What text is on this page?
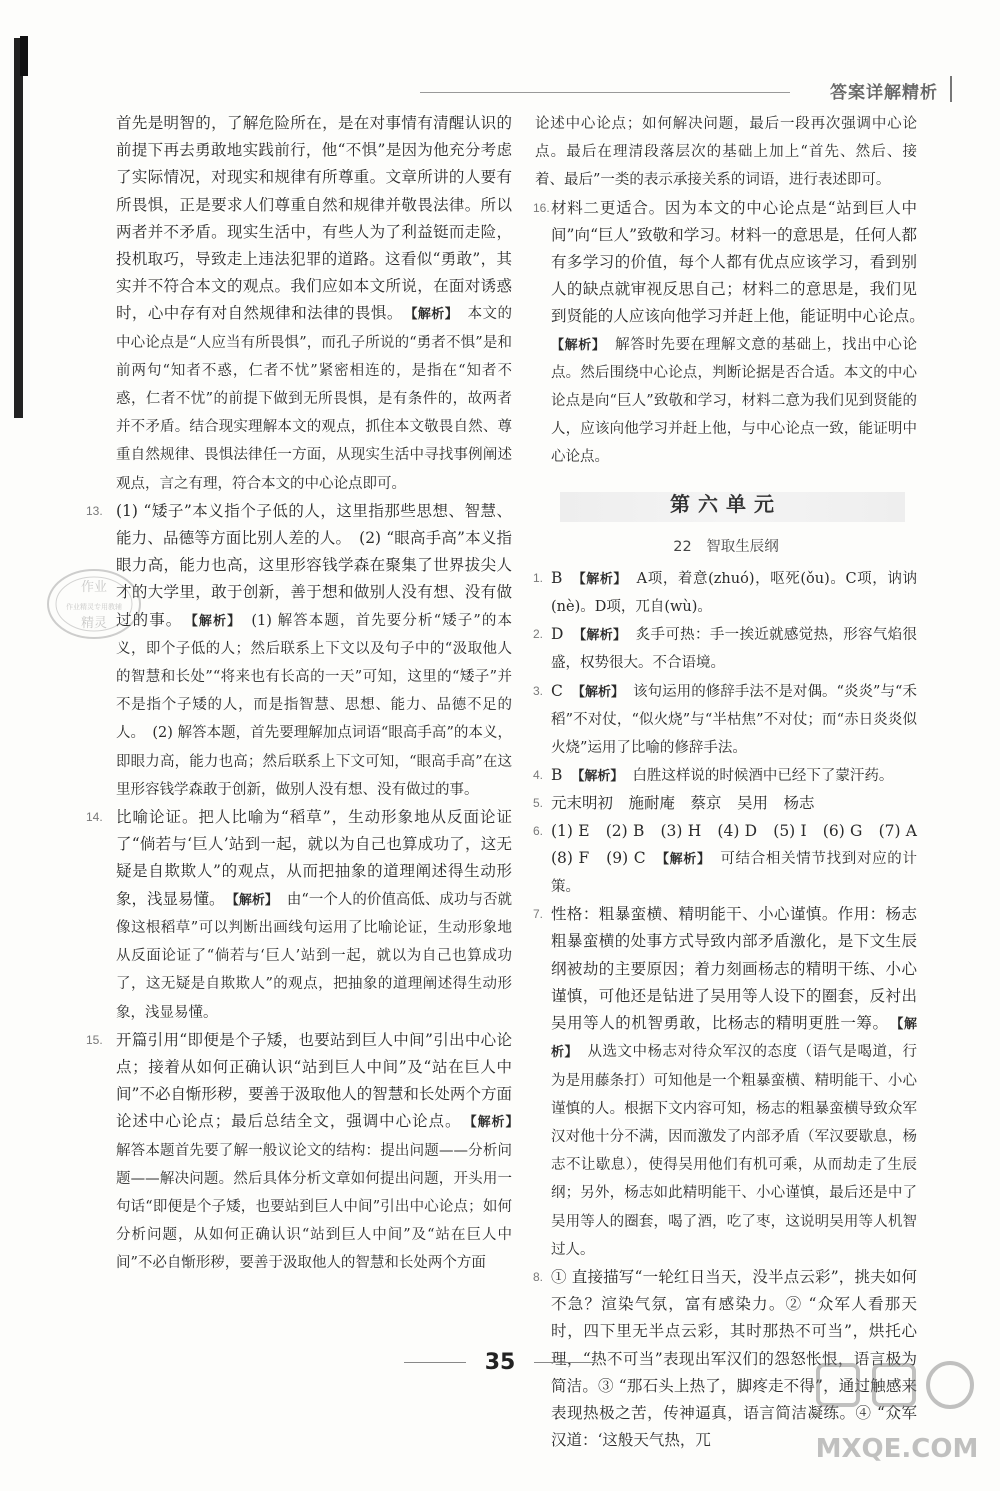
答案详解精析

首先是明智的，了解危险所在，是在对事情有清醒认识的前提下再去勇敢地实践前行，他“不惧”是因为他充分考虑了实际情况，对现实和规律有所尊重。文章所讲的人要有所畏惧，正是要求人们尊重自然和规律并敬畏法律。所以两者并不矛盾。现实生活中，有些人为了利益铤而走险，投机取巧，导致走上违法犯罪的道路。这看似“勇敢”，其实并不符合本文的观点。我们应如本文所说，在面对诱惑时，心中存有对自然规律和法律的畏惧。　 【解析】　 本文的中心论点是“人应当有所畏惧”，而孔子所说的“勇者不惧”是和前两句“知者不惑，仁者不忧”紧密相连的，是指在“知者不惑，仁者不忧”的前提下做到无所畏惧，是有条件的，故两者并不矛盾。结合现实理解本文的观点，抓住本文敬畏自然、尊重自然规律、畏惧法律任一方面，从现实生活中寻找事例阐述观点，言之有理，符合本文的中心论点即可。

13. (1) “矮子”本义指个子低的人，这里指那些思想、智慧、能力、品德等方面比别人差的人。　(2) “眼高手高”本义指眼力高，能力也高，这里形容钱学森在聚集了世界拔尖人才的大学里，敢于创新，善于想和做别人没有想、没有做过的事。　 【解析】　 (1) 解答本题，首先要分析“矮子”的本义，即个子低的人；然后联系上下文以及句子中的“汲取他人的智慧和长处”“将来也有长高的一天”可知，这里的“矮子”并不是指个子矮的人，而是指智慧、思想、能力、品德不足的人。　(2) 解答本题，首先要理解加点词语“眼高手高”的本义，即眼力高，能力也高；然后联系上下文可知，“眼高手高”在这里形容钱学森敢于创新，做别人没有想、没有做过的事。

14. 比喻论证。把人比喻为“稻草”，生动形象地从反面论证了“倘若与‘巨人’站到一起，就以为自己也算成功了，这无疑是自欺欺人”的观点，从而把抽象的道理阐述得生动形象，浅显易懂。　 【解析】　 由“一个人的价值高低、成功与否就像这根稻草”可以判断出画线句运用了比喻论证，生动形象地从反面论证了“倘若与‘巨人’站到一起，就以为自己也算成功了，这无疑是自欺欺人”的观点，把抽象的道理阐述得生动形象，浅显易懂。

15. 开篇引用“即便是个子矮，也要站到巨人中间”引出中心论点；接着从如何正确认识“站到巨人中间”及“站在巨人中间”不必自惭形秽，要善于汲取他人的智慧和长处两个方面论述中心论点；最后总结全文，强调中心论点。　 【解析】　解答本题首先要了解一般议论文的结构：提出问题——分析问题——解决问题。然后具体分析文章如何提出问题，开头用一句话“即便是个子矮，也要站到巨人中间”引出中心论点；如何分析问题，从如何正确认识“站到巨人中间”及“站在巨人中间”不必自惭形秽，要善于汲取他人的智慧和长处两个方面

论述中心论点；如何解决问题，最后一段再次强调中心论点。最后在理清段落层次的基础上加上“首先、然后、接着、最后”一类的表示承接关系的词语，进行表述即可。

16. 材料二更适合。因为本文的中心论点是“站到巨人中间”向“巨人”致敬和学习。材料一的意思是，任何人都有多学习的价值，每个人都有优点应该学习，看到别人的缺点就审视反思自己；材料二的意思是，我们见到贤能的人应该向他学习并赶上他，能证明中心论点。　【解析】　 解答时先要在理解文意的基础上，找出中心论点。然后围绕中心论点，判断论据是否合适。本文的中心论点是向“巨人”致敬和学习，材料二意为我们见到贤能的人，应该向他学习并赶上他，与中心论点一致，能证明中心论点。

第六单元
22　智取生辰纲

1. B　 【解析】　 A项，着意(zhuó)，呕死(ǒu)。C项，讷讷(nè)。D项，兀自(wù)。

2. D　 【解析】　 炙手可热：手一挨近就感觉热，形容气焰很盛，权势很大。不合语境。

3. C　 【解析】　 该句运用的修辞手法不是对偶。“炎炎”与“禾稻”不对仗，“似火烧”与“半枯焦”不对仗；而“赤日炎炎似火烧”运用了比喻的修辞手法。

4. B　 【解析】　 白胜这样说的时候酒中已经下了蒙汗药。

5. 元末明初　施耐庵　蔡京　吴用　杨志

6. (1) E　(2) B　(3) H　(4) D　(5) I　(6) G　(7) A　(8) F　(9) C　 【解析】　 可结合相关情节找到对应的计策。

7. 性格：粗暴蛮横、精明能干、小心谨慎。作用：杨志粗暴蛮横的处事方式导致内部矛盾激化，是下文生辰纲被劫的主要原因；着力刻画杨志的精明干练、小心谨慎，可他还是钻进了吴用等人设下的圈套，反衬出吴用等人的机智勇敢，比杨志的精明更胜一筹。　 【解析】　 从选文中杨志对待众军汉的态度（语气是喝道，行为是用藤条打）可知他是一个粗暴蛮横、精明能干、小心谨慎的人。根据下文内容可知，杨志的粗暴蛮横导致众军汉对他十分不满，因而激发了内部矛盾（军汉要歇息，杨志不让歇息），使得吴用他们有机可乘，从而劫走了生辰纲；另外，杨志如此精明能干、小心谨慎，最后还是中了吴用等人的圈套，喝了酒，吃了枣，这说明吴用等人机智过人。

8. ① 直接描写“一轮红日当天，没半点云彩”，挑夫如何不急？渲染气氛，富有感染力。② “众军人看那天时，四下里无半点云彩，其时那热不可当”，烘托心理，“热不可当”表现出军汉们的怨怒怅恨，语言极为简洁。③ “那石头上热了，脚疼走不得”，通过触感来表现热极之苦，传神逼真，语言简洁凝练。④ “众军汉道：‘这般天气热，兀

作业
作业精灵专用教辅
精灵
35
MXQE.COM
